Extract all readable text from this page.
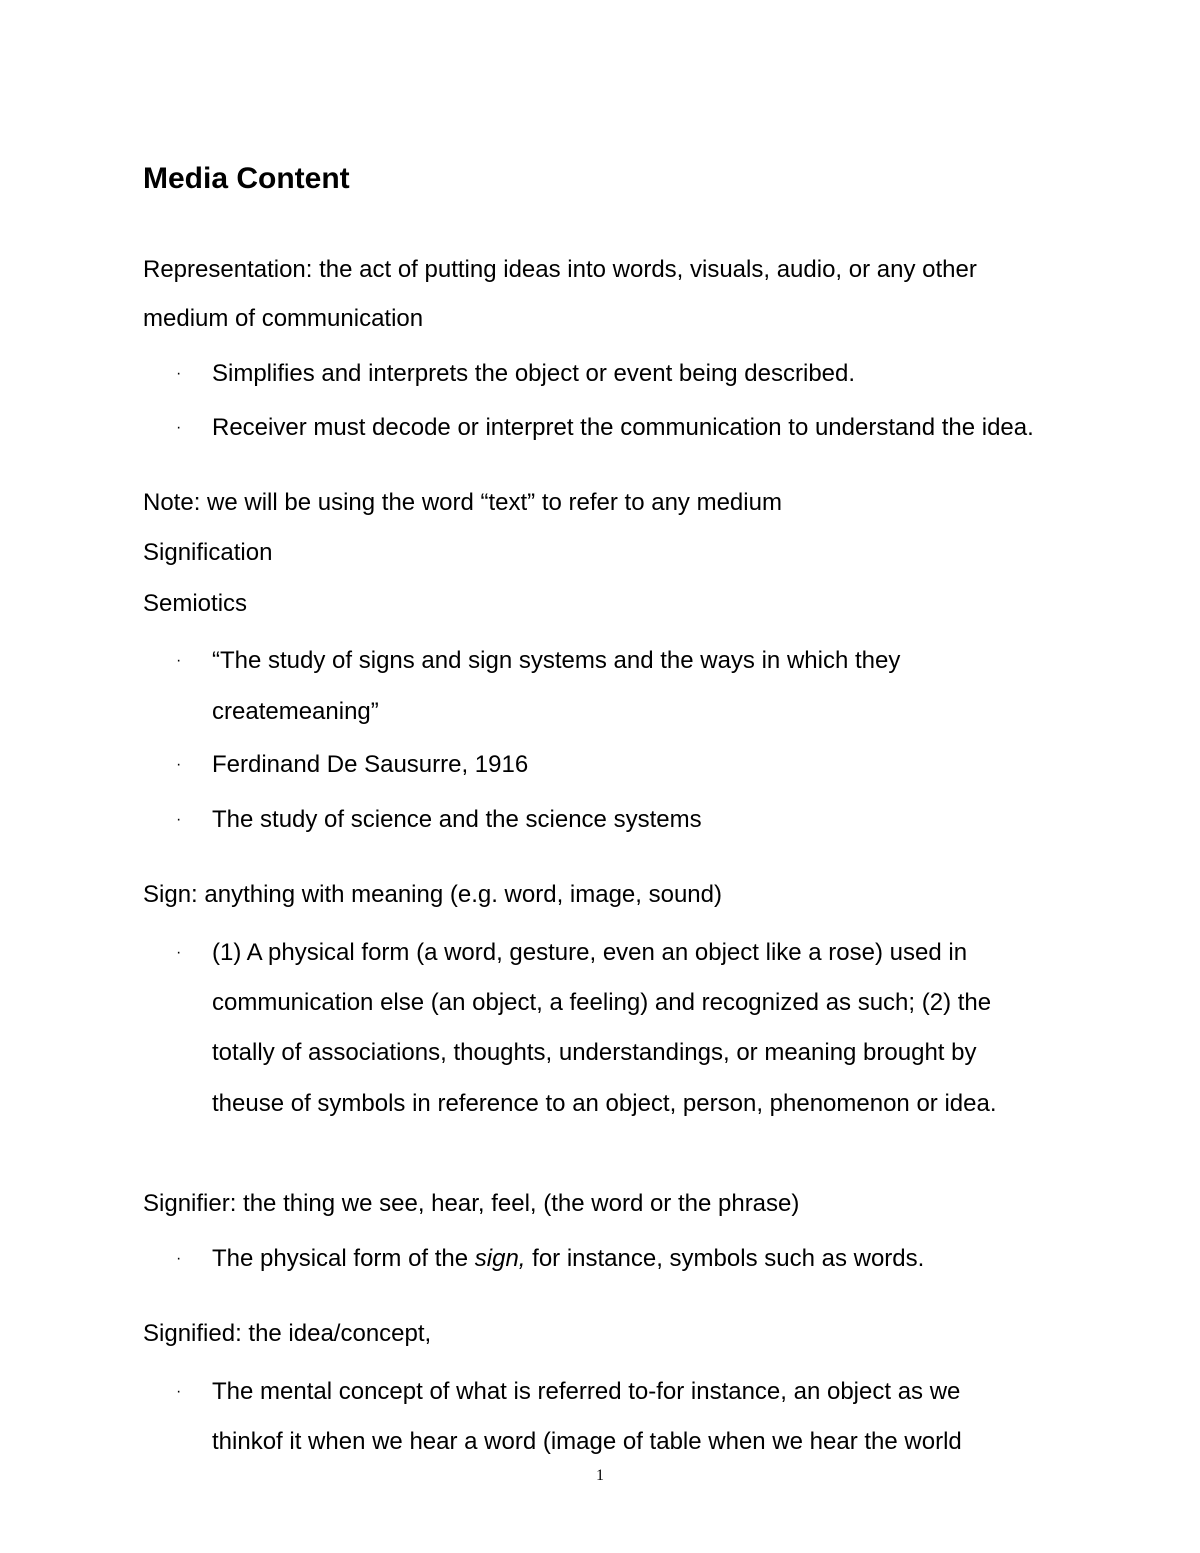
Media Content
Representation: the act of putting ideas into words, visuals, audio, or any other
medium of communication
· Simplifies and interprets the object or event being described.
· Receiver must decode or interpret the communication to understand the idea.
Note: we will be using the word “text” to refer to any medium
Signification
Semiotics
· “The study of signs and sign systems and the ways in which they
createmeaning”
· Ferdinand De Sausurre, 1916
· The study of science and the science systems
Sign: anything with meaning (e.g. word, image, sound)
· (1) A physical form (a word, gesture, even an object like a rose) used in
communication else (an object, a feeling) and recognized as such; (2) the
totally of associations, thoughts, understandings, or meaning brought by
theuse of symbols in reference to an object, person, phenomenon or idea.
Signifier: the thing we see, hear, feel, (the word or the phrase)
· The physical form of the sign, for instance, symbols such as words.
Signified: the idea/concept,
· The mental concept of what is referred to-for instance, an object as we
thinkof it when we hear a word (image of table when we hear the world
1
